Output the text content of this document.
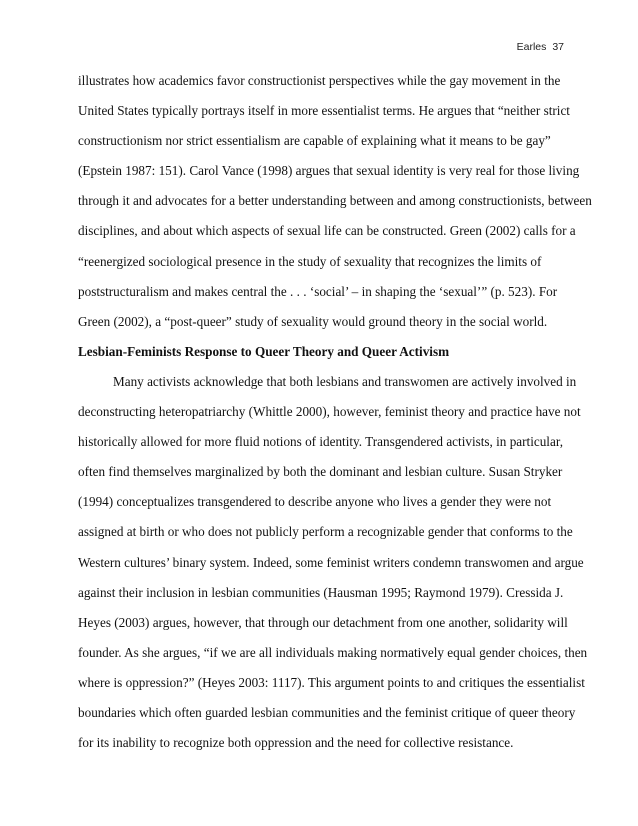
Earles 37
illustrates how academics favor constructionist perspectives while the gay movement in the
United States typically portrays itself in more essentialist terms. He argues that “neither strict
constructionism nor strict essentialism are capable of explaining what it means to be gay”
(Epstein 1987: 151). Carol Vance (1998) argues that sexual identity is very real for those living
through it and advocates for a better understanding between and among constructionists, between
disciplines, and about which aspects of sexual life can be constructed. Green (2002) calls for a
“reenergized sociological presence in the study of sexuality that recognizes the limits of
poststructuralism and makes central the . . . ‘social’ – in shaping the ‘sexual’” (p. 523). For
Green (2002), a “post-queer” study of sexuality would ground theory in the social world.
Lesbian-Feminists Response to Queer Theory and Queer Activism
Many activists acknowledge that both lesbians and transwomen are actively involved in
deconstructing heteropatriarchy (Whittle 2000), however, feminist theory and practice have not
historically allowed for more fluid notions of identity. Transgendered activists, in particular,
often find themselves marginalized by both the dominant and lesbian culture. Susan Stryker
(1994) conceptualizes transgendered to describe anyone who lives a gender they were not
assigned at birth or who does not publicly perform a recognizable gender that conforms to the
Western cultures’ binary system. Indeed, some feminist writers condemn transwomen and argue
against their inclusion in lesbian communities (Hausman 1995; Raymond 1979). Cressida J.
Heyes (2003) argues, however, that through our detachment from one another, solidarity will
founder. As she argues, “if we are all individuals making normatively equal gender choices, then
where is oppression?” (Heyes 2003: 1117). This argument points to and critiques the essentialist
boundaries which often guarded lesbian communities and the feminist critique of queer theory
for its inability to recognize both oppression and the need for collective resistance.
